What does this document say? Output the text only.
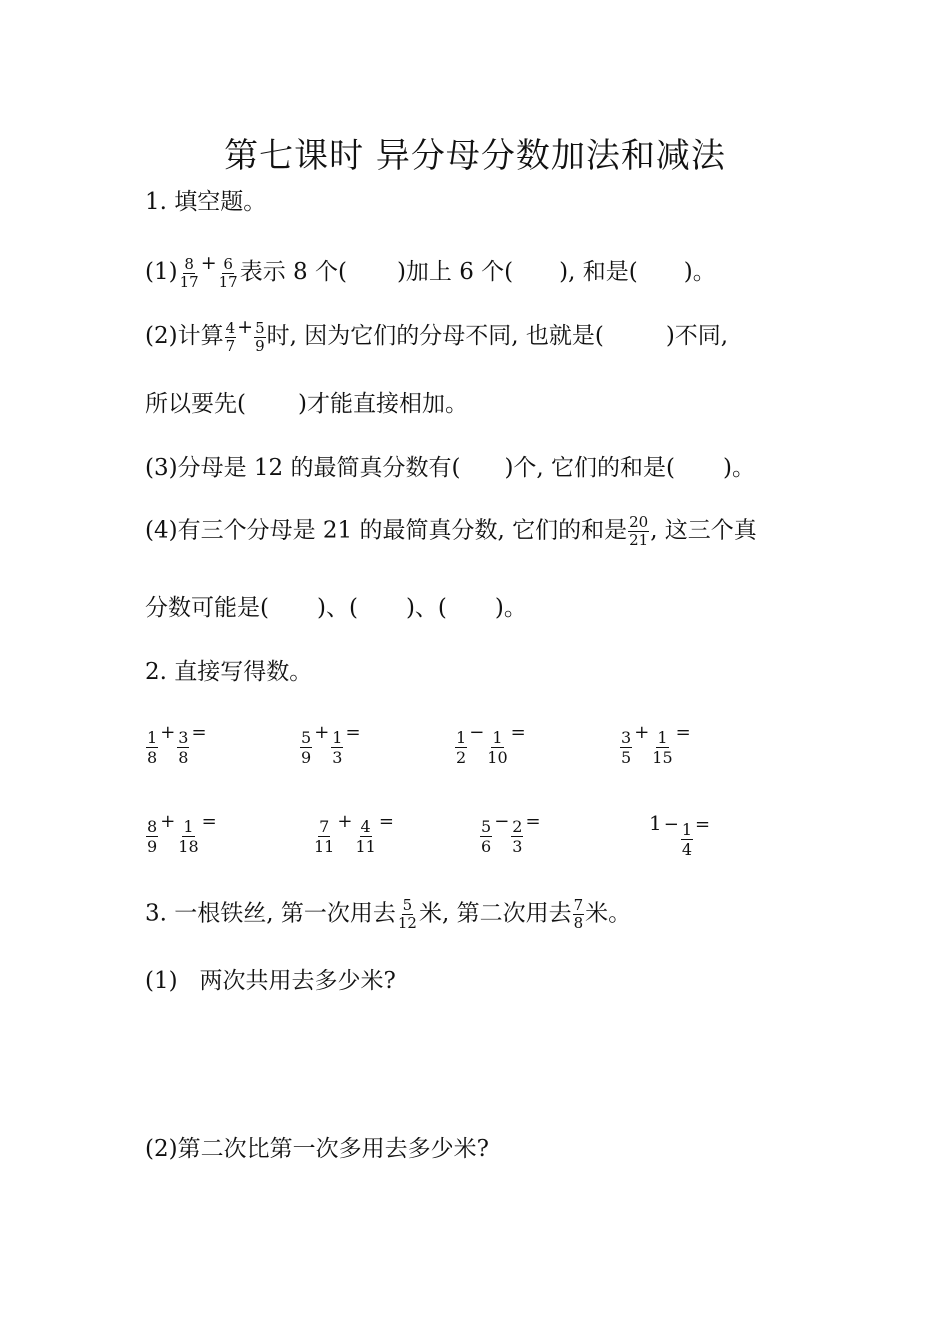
第七课时 异分母分数加法和减法
1. 填空题。
$(1) \frac{8}{17} ^+ \frac{6}{17}$ 表示 8 个( )加上 6 个( ), 和是( )。
(2)计算 $\frac{4}{7} ^+ \frac{5}{9}$ 时, 因为它们的分母不同, 也就是(	)不同,
所以要先( )才能直接相加。
(3)分母是 12 的最简真分数有( )个, 它们的和是( )。
(4)有三个分母是 21 的最简真分数, 它们的和是 $\frac{20}{21}$ , 这三个真
分数可能是( )、( )、( )。
2. 直接写得数。
$\frac{1}{8} + \frac{3}{8}$ =	$\frac{5}{9} + \frac{1}{3}$ =	$\frac{1}{2} - \frac{1}{10}$ =	$\frac{3}{5} + \frac{1}{15}$ =
$\frac{8}{9} + \frac{1}{18}$ =	$\frac{7}{11} + \frac{4}{11}$ =	$\frac{5}{6} - \frac{2}{3}$ =	$1 - \frac{1}{4}$ =
3. 一根铁丝, 第一次用去 $\frac{5}{12}$ 米, 第二次用去 $\frac{7}{8}$ 米。
(1)   两次共用去多少米?
(2)第二次比第一次多用去多少米?
